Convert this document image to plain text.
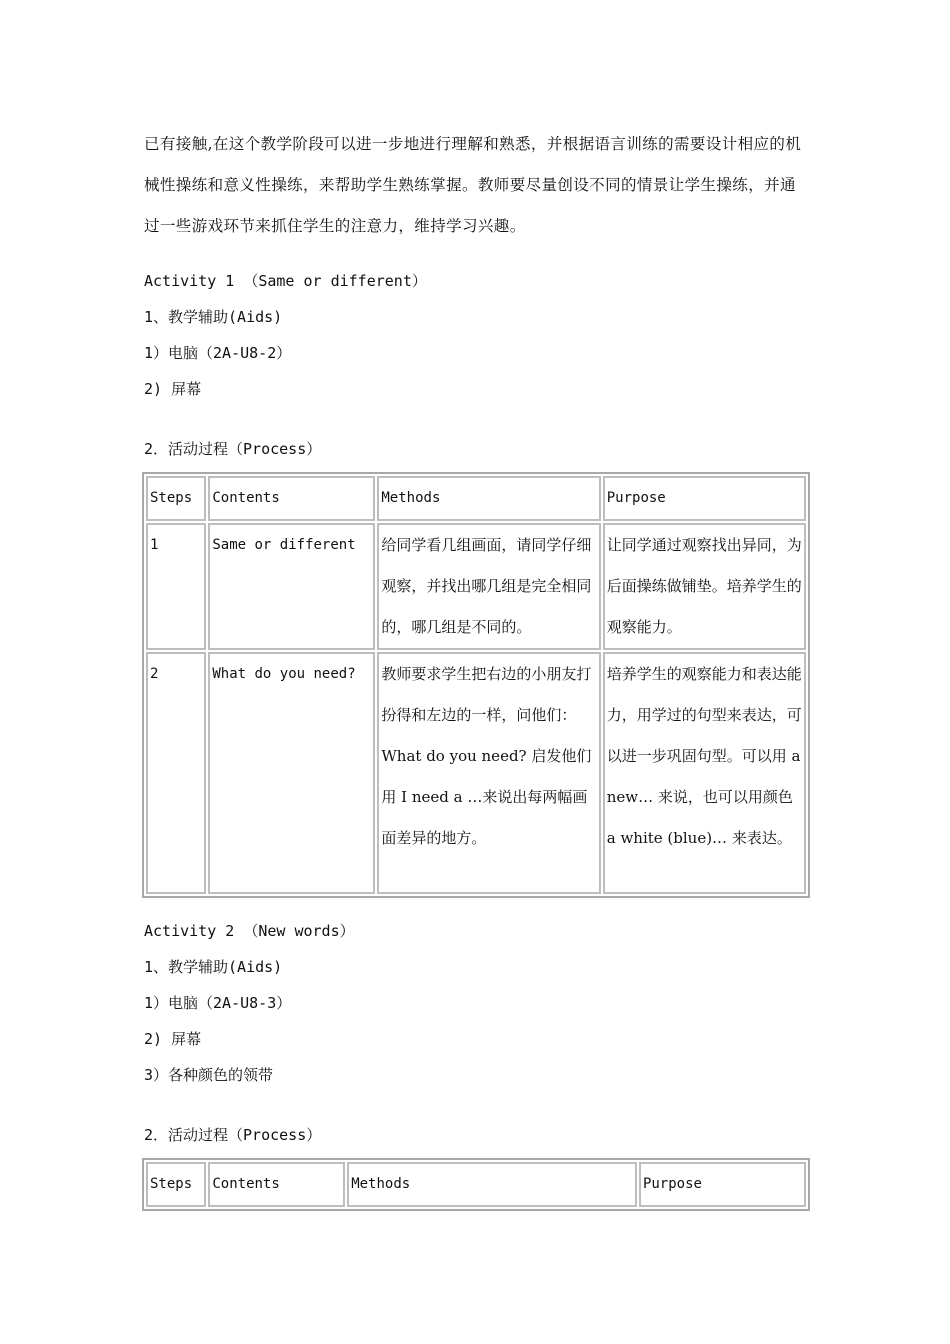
已有接触,在这个教学阶段可以进一步地进行理解和熟悉，并根据语言训练的需要设计相应的机械性操练和意义性操练，来帮助学生熟练掌握。教师要尽量创设不同的情景让学生操练，并通过一些游戏环节来抓住学生的注意力，维持学习兴趣。

Activity 1 （Same or different）
1、教学辅助(Aids)
1）电脑（2A-U8-2）
2) 屏幕
2．活动过程（Process）
Steps	Contents	Methods	Purpose
1	Same or different	给同学看几组画面，请同学仔细观察，并找出哪几组是完全相同的，哪几组是不同的。	让同学通过观察找出异同，为后面操练做铺垫。培养学生的观察能力。
2	What do you need?	教师要求学生把右边的小朋友打扮得和左边的一样，问他们：What do you need? 启发他们用 I need a …来说出每两幅画面差异的地方。	培养学生的观察能力和表达能力，用学过的句型来表达，可以进一步巩固句型。可以用 a new… 来说，也可以用颜色 a white (blue)… 来表达。
Activity 2 （New words）
1、教学辅助(Aids)
1）电脑（2A-U8-3）
2) 屏幕
3）各种颜色的领带
2．活动过程（Process）
Steps	Contents	Methods	Purpose
